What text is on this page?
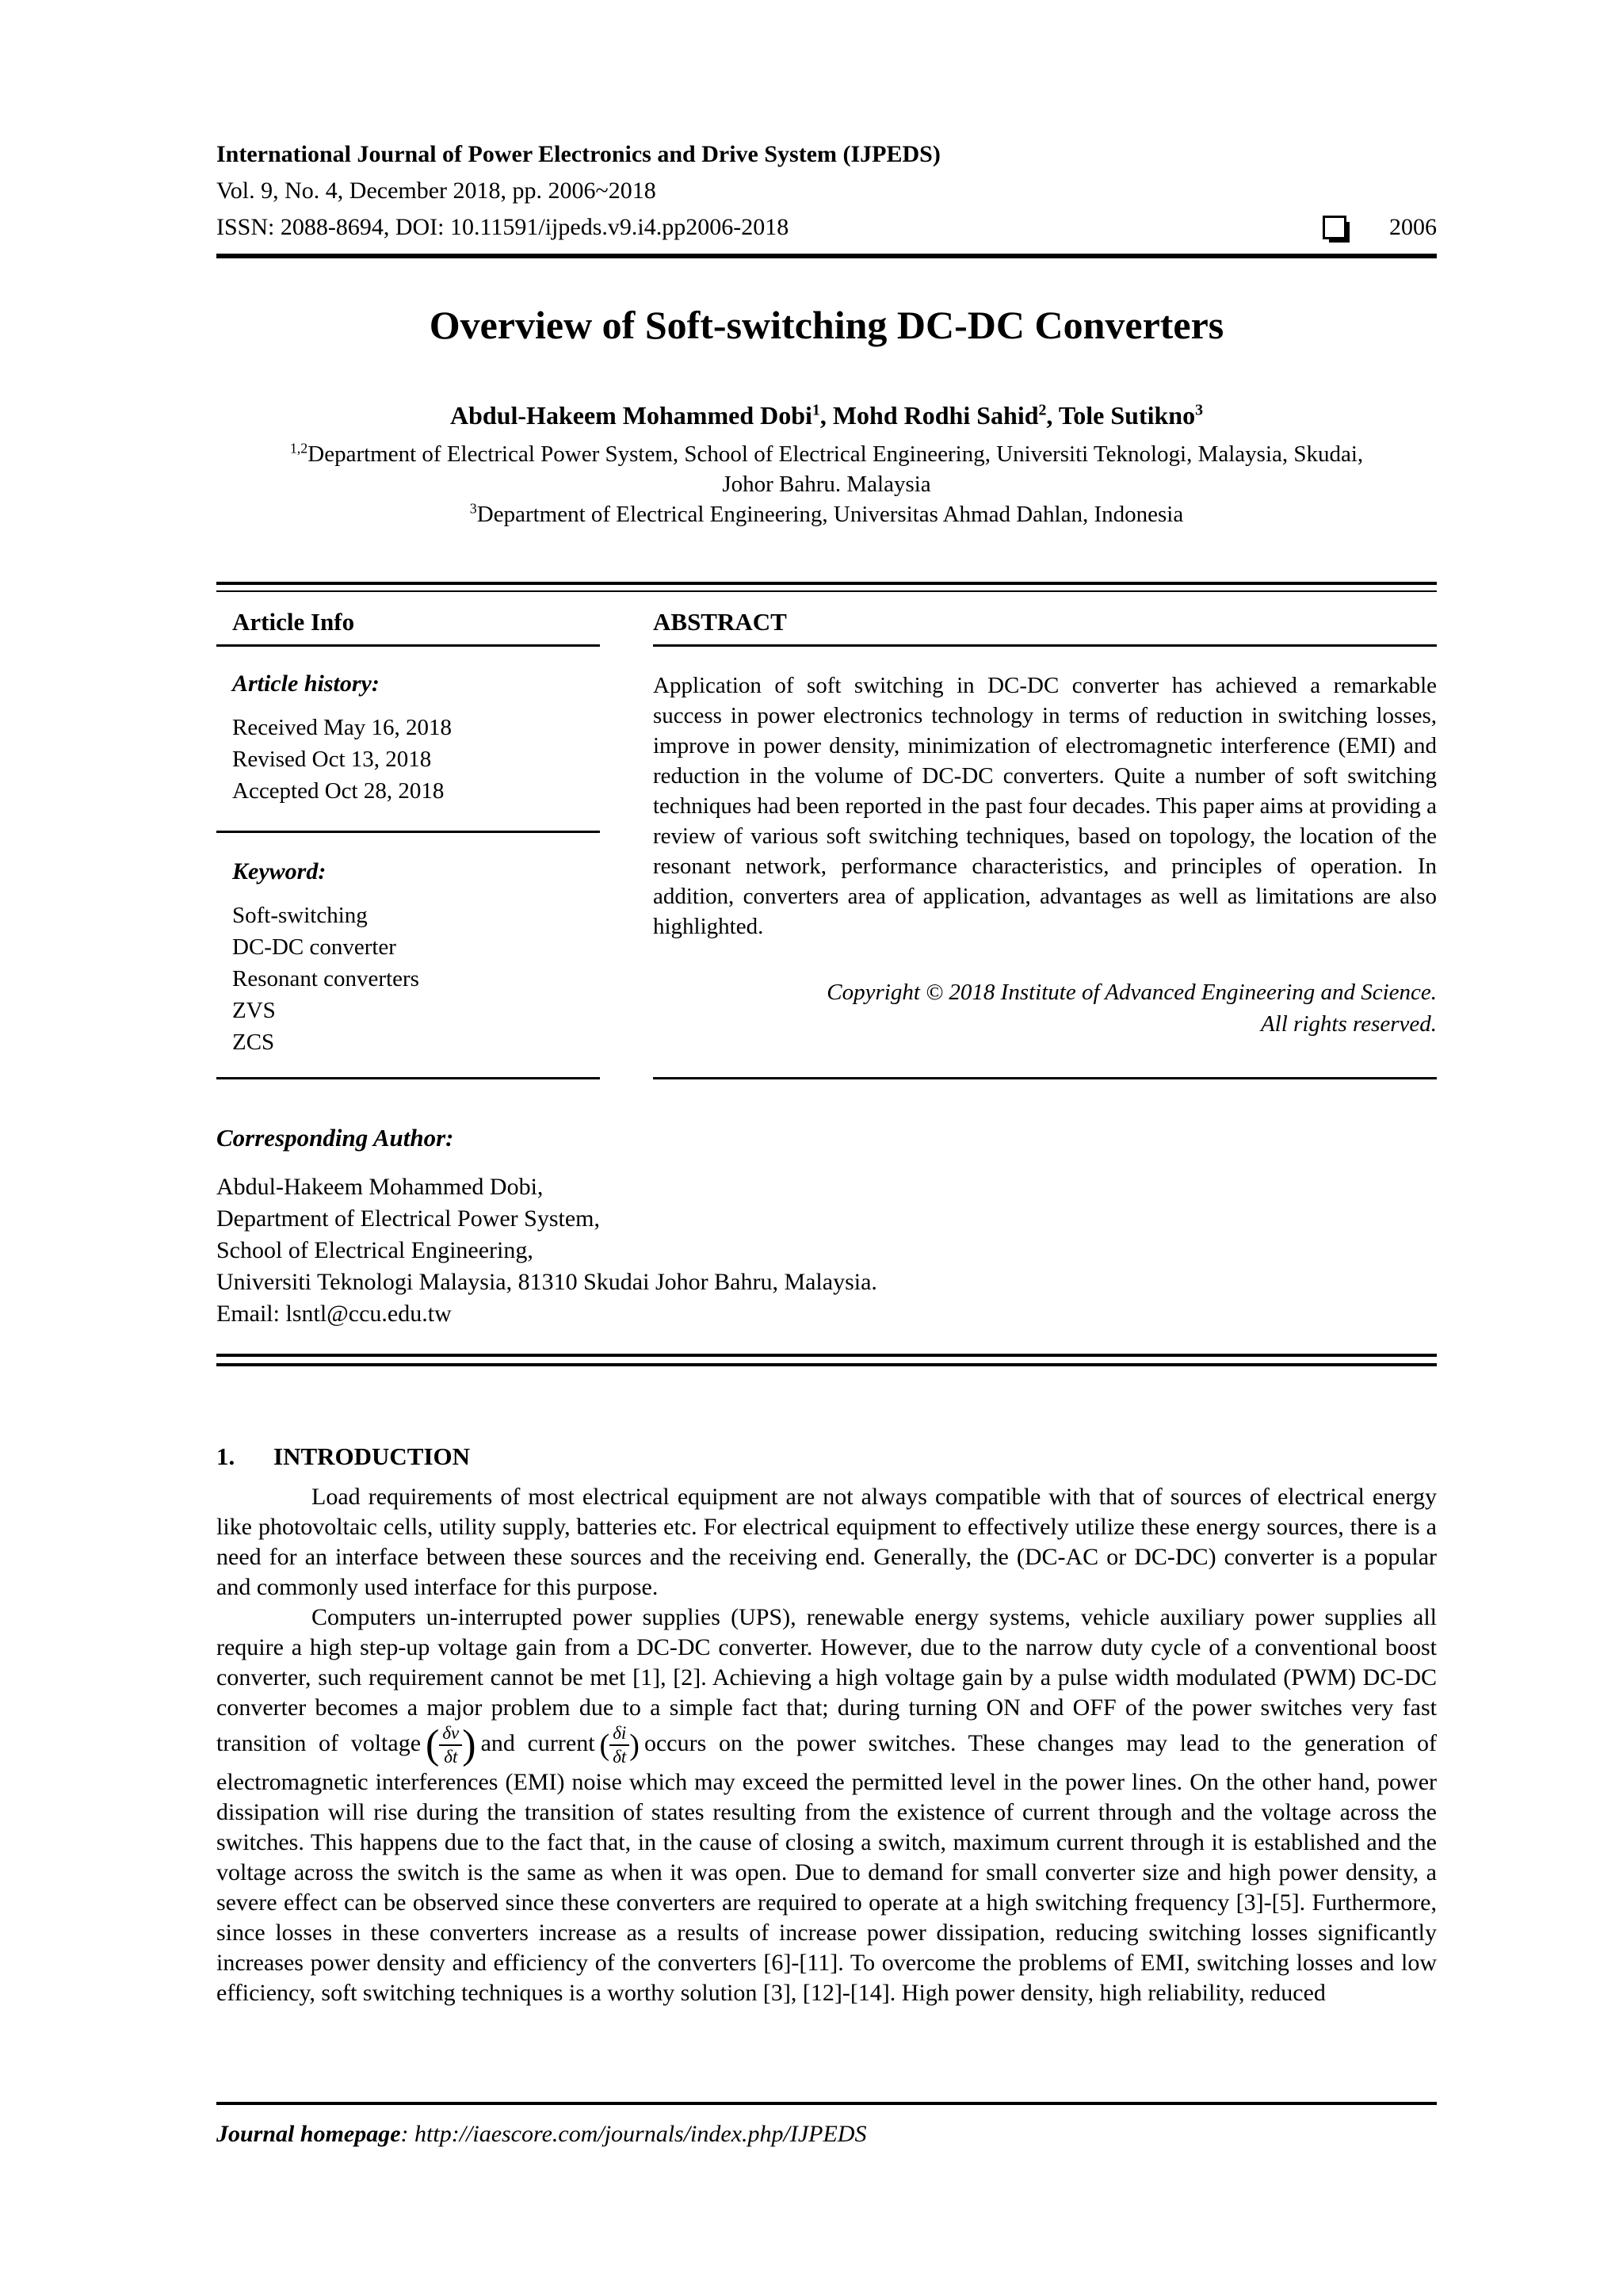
International Journal of Power Electronics and Drive System (IJPEDS)
Vol. 9, No. 4, December 2018, pp. 2006~2018
ISSN: 2088-8694, DOI: 10.11591/ijpeds.v9.i4.pp2006-2018	2006
Overview of Soft-switching DC-DC Converters
Abdul-Hakeem Mohammed Dobi$^1$, Mohd Rodhi Sahid$^2$, Tole Sutikno$^3$
$^{1,2}$Department of Electrical Power System, School of Electrical Engineering, Universiti Teknologi, Malaysia, Skudai,
Johor Bahru. Malaysia
$^3$Department of Electrical Engineering, Universitas Ahmad Dahlan, Indonesia
Article Info
Article history:
Received May 16, 2018
Revised Oct 13, 2018
Accepted Oct 28, 2018
Keyword:
Soft-switching
DC-DC converter
Resonant converters
ZVS
ZCS
ABSTRACT
Application of soft switching in DC-DC converter has achieved a remarkable success in power electronics technology in terms of reduction in switching losses, improve in power density, minimization of electromagnetic interference (EMI) and reduction in the volume of DC-DC converters. Quite a number of soft switching techniques had been reported in the past four decades. This paper aims at providing a review of various soft switching techniques, based on topology, the location of the resonant network, performance characteristics, and principles of operation. In addition, converters area of application, advantages as well as limitations are also highlighted.
Copyright © 2018 Institute of Advanced Engineering and Science.
All rights reserved.
Corresponding Author:
Abdul-Hakeem Mohammed Dobi,
Department of Electrical Power System,
School of Electrical Engineering,
Universiti Teknologi Malaysia, 81310 Skudai Johor Bahru, Malaysia.
Email: lsntl@ccu.edu.tw
1. INTRODUCTION

Load requirements of most electrical equipment are not always compatible with that of sources of electrical energy like photovoltaic cells, utility supply, batteries etc. For electrical equipment to effectively utilize these energy sources, there is a need for an interface between these sources and the receiving end. Generally, the (DC-AC or DC-DC) converter is a popular and commonly used interface for this purpose.

Computers un-interrupted power supplies (UPS), renewable energy systems, vehicle auxiliary power supplies all require a high step-up voltage gain from a DC-DC converter. However, due to the narrow duty cycle of a conventional boost converter, such requirement cannot be met [1], [2]. Achieving a high voltage gain by a pulse width modulated (PWM) DC-DC converter becomes a major problem due to a simple fact that; during turning ON and OFF of the power switches very fast transition of voltage ( $\frac{\delta v}{\delta t}$ ) and current ( $\frac{\delta i}{\delta t}$ ) occurs on the power switches. These changes may lead to the generation of electromagnetic interferences (EMI) noise which may exceed the permitted level in the power lines. On the other hand, power dissipation will rise during the transition of states resulting from the existence of current through and the voltage across the switches. This happens due to the fact that, in the cause of closing a switch, maximum current through it is established and the voltage across the switch is the same as when it was open. Due to demand for small converter size and high power density, a severe effect can be observed since these converters are required to operate at a high switching frequency [3]-[5]. Furthermore, since losses in these converters increase as a results of increase power dissipation, reducing switching losses significantly increases power density and efficiency of the converters [6]-[11]. To overcome the problems of EMI, switching losses and low efficiency, soft switching techniques is a worthy solution [3], [12]-[14]. High power density, high reliability, reduced

Journal homepage: http://iaescore.com/journals/index.php/IJPEDS
